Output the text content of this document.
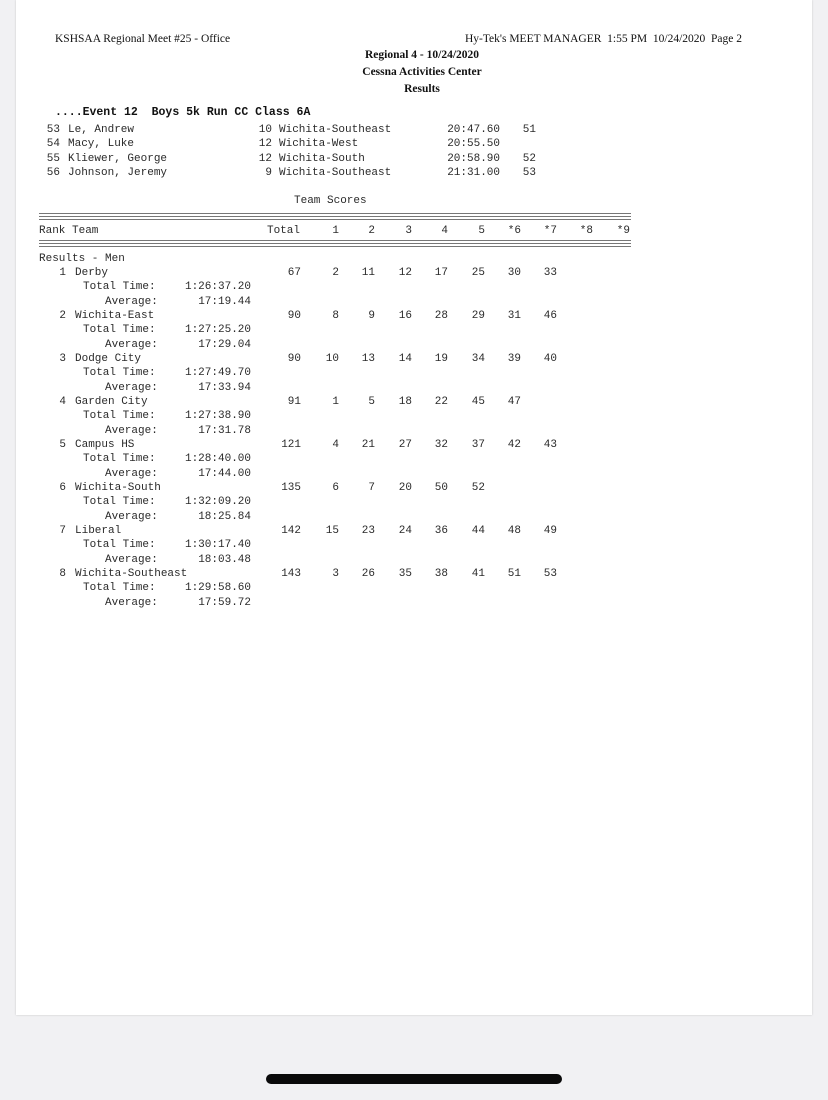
KSHSAA Regional Meet #25 - Office	Hy-Tek's MEET MANAGER  1:55 PM  10/24/2020  Page 2
Regional 4 - 10/24/2020
Cessna Activities Center
Results
....Event 12  Boys 5k Run CC Class 6A
53 Le, Andrew	10 Wichita-Southeast	20:47.60	51
54 Macy, Luke	12 Wichita-West	20:55.50
55 Kliewer, George	12 Wichita-South	20:58.90	52
56 Johnson, Jeremy	9 Wichita-Southeast	21:31.00	53
Team Scores
Rank Team	Total	1	2	3	4	5	*6	*7	*8	*9
Results - Men
1 Derby	67	2	11	12	17	25	30	33
Total Time:	1:26:37.20
Average:	17:19.44
2 Wichita-East	90	8	9	16	28	29	31	46
Total Time:	1:27:25.20
Average:	17:29.04
3 Dodge City	90	10	13	14	19	34	39	40
Total Time:	1:27:49.70
Average:	17:33.94
4 Garden City	91	1	5	18	22	45	47
Total Time:	1:27:38.90
Average:	17:31.78
5 Campus HS	121	4	21	27	32	37	42	43
Total Time:	1:28:40.00
Average:	17:44.00
6 Wichita-South	135	6	7	20	50	52
Total Time:	1:32:09.20
Average:	18:25.84
7 Liberal	142	15	23	24	36	44	48	49
Total Time:	1:30:17.40
Average:	18:03.48
8 Wichita-Southeast	143	3	26	35	38	41	51	53
Total Time:	1:29:58.60
Average:	17:59.72
